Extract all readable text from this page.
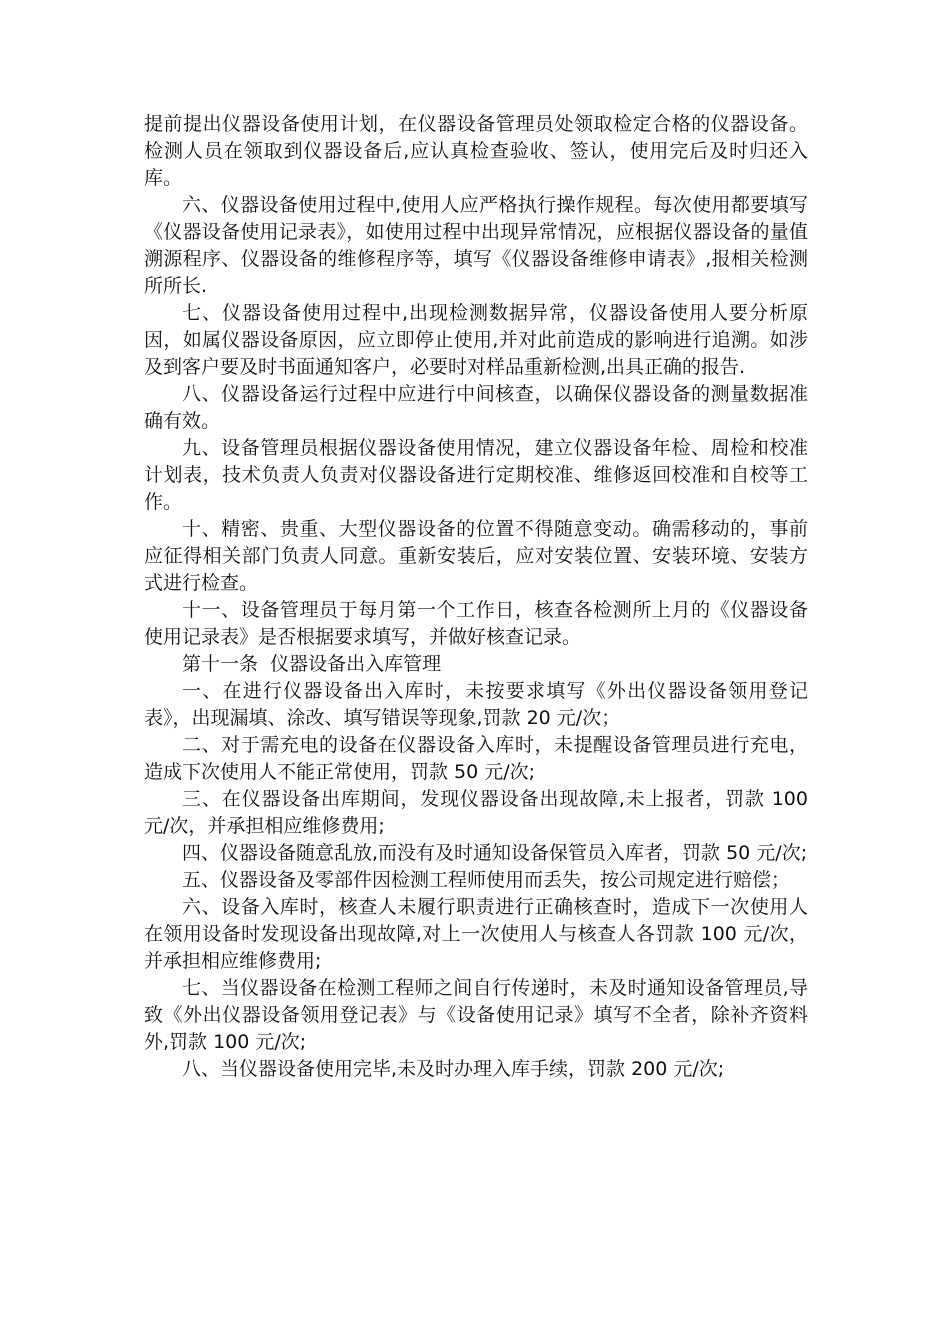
提前提出仪器设备使用计划，在仪器设备管理员处领取检定合格的仪器设备。检测人员在领取到仪器设备后,应认真检查验收、签认，使用完后及时归还入库。

六、仪器设备使用过程中,使用人应严格执行操作规程。每次使用都要填写《仪器设备使用记录表》，如使用过程中出现异常情况，应根据仪器设备的量值溯源程序、仪器设备的维修程序等，填写《仪器设备维修申请表》,报相关检测所所长.

七、仪器设备使用过程中,出现检测数据异常，仪器设备使用人要分析原因，如属仪器设备原因，应立即停止使用,并对此前造成的影响进行追溯。如涉及到客户要及时书面通知客户，必要时对样品重新检测,出具正确的报告.

八、仪器设备运行过程中应进行中间核查，以确保仪器设备的测量数据准确有效。

九、设备管理员根据仪器设备使用情况，建立仪器设备年检、周检和校准计划表，技术负责人负责对仪器设备进行定期校准、维修返回校准和自校等工作。

十、精密、贵重、大型仪器设备的位置不得随意变动。确需移动的，事前应征得相关部门负责人同意。重新安装后，应对安装位置、安装环境、安装方式进行检查。

十一、设备管理员于每月第一个工作日，核查各检测所上月的《仪器设备使用记录表》是否根据要求填写，并做好核查记录。

第十一条  仪器设备出入库管理

一、在进行仪器设备出入库时，未按要求填写《外出仪器设备领用登记表》，出现漏填、涂改、填写错误等现象,罚款 20 元/次；

二、对于需充电的设备在仪器设备入库时，未提醒设备管理员进行充电，造成下次使用人不能正常使用，罚款 50 元/次;

三、在仪器设备出库期间，发现仪器设备出现故障,未上报者，罚款 100 元/次，并承担相应维修费用;

四、仪器设备随意乱放,而没有及时通知设备保管员入库者，罚款 50 元/次;

五、仪器设备及零部件因检测工程师使用而丢失，按公司规定进行赔偿；

六、设备入库时，核查人未履行职责进行正确核查时，造成下一次使用人在领用设备时发现设备出现故障,对上一次使用人与核查人各罚款 100 元/次，并承担相应维修费用;

七、当仪器设备在检测工程师之间自行传递时，未及时通知设备管理员,导致《外出仪器设备领用登记表》与《设备使用记录》填写不全者，除补齐资料外,罚款 100 元/次;

八、当仪器设备使用完毕,未及时办理入库手续，罚款 200 元/次;
